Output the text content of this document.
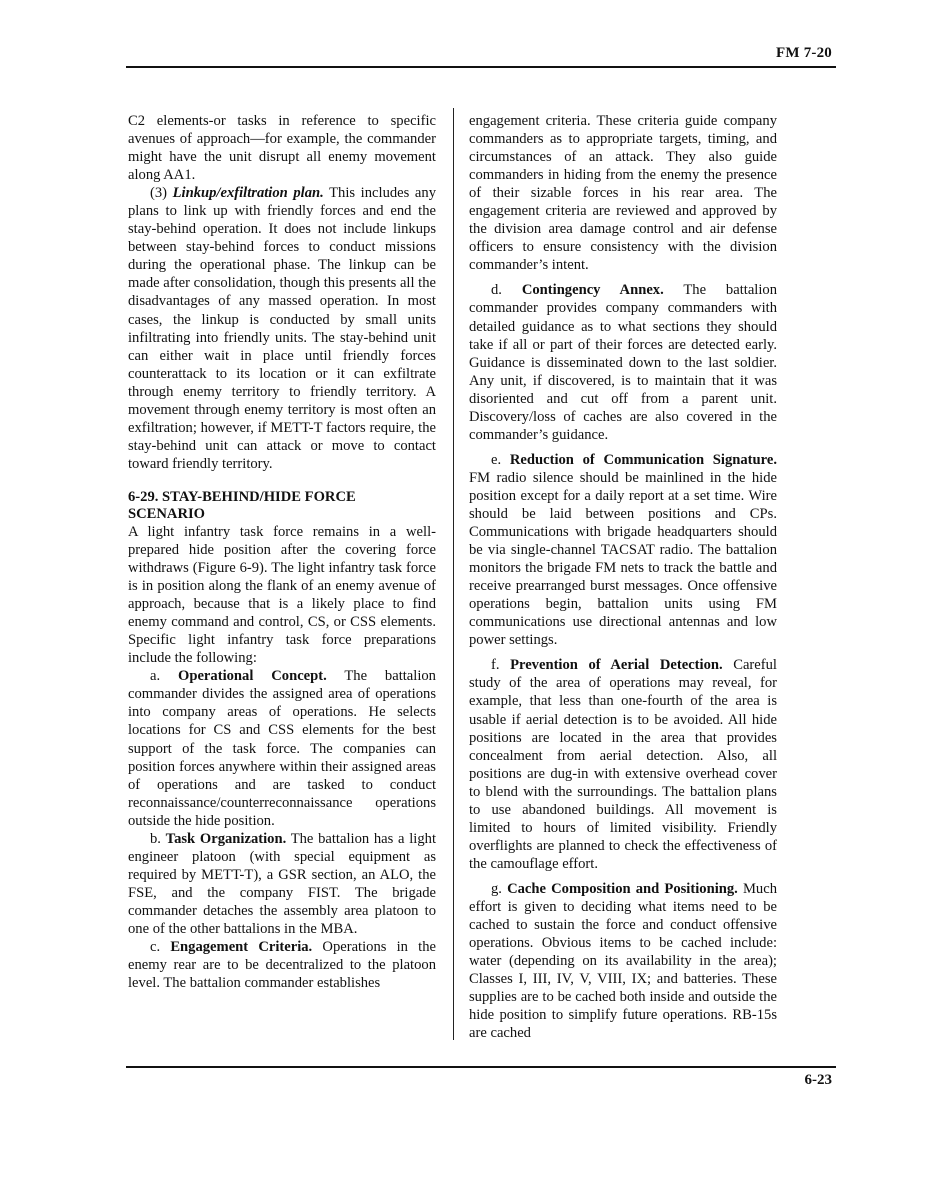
FM 7-20

C2 elements-or tasks in reference to specific avenues of approach—for example, the commander might have the unit disrupt all enemy movement along AA1.

(3) Linkup/exfiltration plan. This includes any plans to link up with friendly forces and end the stay-behind operation. It does not include linkups between stay-behind forces to conduct missions during the operational phase. The linkup can be made after consolidation, though this presents all the disadvantages of any massed operation. In most cases, the linkup is conducted by small units infiltrating into friendly units. The stay-behind unit can either wait in place until friendly forces counterattack to its location or it can exfiltrate through enemy territory to friendly territory. A movement through enemy territory is most often an exfiltration; however, if METT-T factors require, the stay-behind unit can attack or move to contact toward friendly territory.

6-29. STAY-BEHIND/HIDE FORCE
SCENARIO

A light infantry task force remains in a well-prepared hide position after the covering force withdraws (Figure 6-9). The light infantry task force is in position along the flank of an enemy avenue of approach, because that is a likely place to find enemy command and control, CS, or CSS elements. Specific light infantry task force preparations include the following:

a. Operational Concept. The battalion commander divides the assigned area of operations into company areas of operations. He selects locations for CS and CSS elements for the best support of the task force. The companies can position forces anywhere within their assigned areas of operations and are tasked to conduct reconnaissance/counterreconnaissance operations outside the hide position.

b. Task Organization. The battalion has a light engineer platoon (with special equipment as required by METT-T), a GSR section, an ALO, the FSE, and the company FIST. The brigade commander detaches the assembly area platoon to one of the other battalions in the MBA.

c. Engagement Criteria. Operations in the enemy rear are to be decentralized to the platoon level. The battalion commander establishes

engagement criteria. These criteria guide company commanders as to appropriate targets, timing, and circumstances of an attack. They also guide commanders in hiding from the enemy the presence of their sizable forces in his rear area. The engagement criteria are reviewed and approved by the division area damage control and air defense officers to ensure consistency with the division commander’s intent.

d. Contingency Annex. The battalion commander provides company commanders with detailed guidance as to what sections they should take if all or part of their forces are detected early. Guidance is disseminated down to the last soldier. Any unit, if discovered, is to maintain that it was disoriented and cut off from a parent unit. Discovery/loss of caches are also covered in the commander’s guidance.

e. Reduction of Communication Signature. FM radio silence should be mainlined in the hide position except for a daily report at a set time. Wire should be laid between positions and CPs. Communications with brigade headquarters should be via single-channel TACSAT radio. The battalion monitors the brigade FM nets to track the battle and receive prearranged burst messages. Once offensive operations begin, battalion units using FM communications use directional antennas and low power settings.

f. Prevention of Aerial Detection. Careful study of the area of operations may reveal, for example, that less than one-fourth of the area is usable if aerial detection is to be avoided. All hide positions are located in the area that provides concealment from aerial detection. Also, all positions are dug-in with extensive overhead cover to blend with the surroundings. The battalion plans to use abandoned buildings. All movement is limited to hours of limited visibility. Friendly overflights are planned to check the effectiveness of the camouflage effort.

g. Cache Composition and Positioning. Much effort is given to deciding what items need to be cached to sustain the force and conduct offensive operations. Obvious items to be cached include: water (depending on its availability in the area); Classes I, III, IV, V, VIII, IX; and batteries. These supplies are to be cached both inside and outside the hide position to simplify future operations. RB-15s are cached

6-23
